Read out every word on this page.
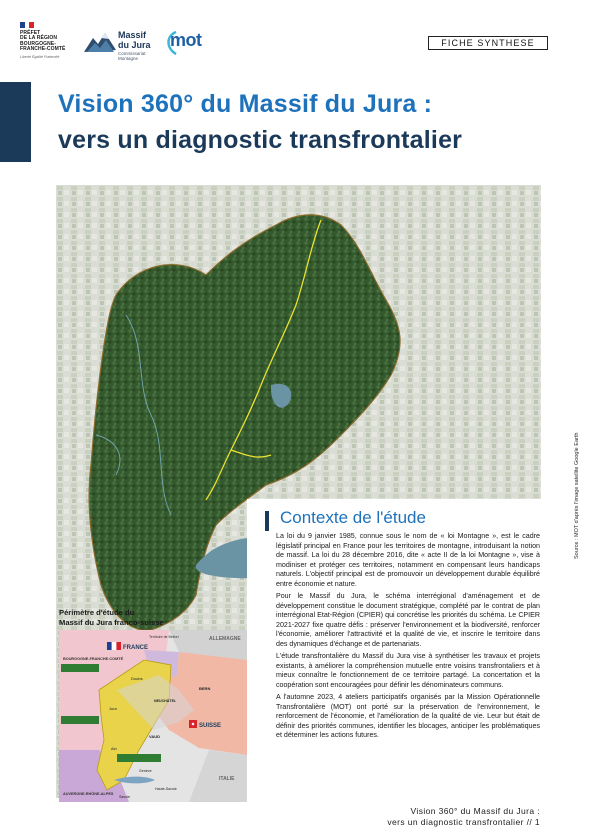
PRÉFET
DE LA RÉGION
BOURGOGNE-
FRANCHE-COMTÉ
Liberté Égalité Fraternité
Massif
du Jura
Commissariat Montagne
mot	FICHE SYNTHESE
Vision 360° du Massif du Jura :
vers un diagnostic transfrontalier
Source : MOT d'après l'image satellite Google Earth
Contexte de l'étude

La loi du 9 janvier 1985, connue sous le nom de « loi Montagne », est le cadre législatif principal en France pour les territoires de montagne, introduisant la notion de massif. La loi du 28 décembre 2016, dite « acte II de la loi Montagne », vise à modiniser et protéger ces territoires, notamment en compensant leurs handicaps naturels. L'objectif principal est de promouvoir un développement durable équilibré entre économie et nature.

Pour le Massif du Jura, le schéma interrégional d'aménagement et de développement constitue le document stratégique, complété par le contrat de plan interrégional Etat-Région (CPIER) qui concrétise les priorités du schéma. Le CPIER 2021-2027 fixe quatre défis : préserver l'environnement et la biodiversité, renforcer l'économie, améliorer l'attractivité et la qualité de vie, et inscrire le territoire dans des dynamiques d'échange et de partenariats.

L'étude transfrontalière du Massif du Jura vise à synthétiser les travaux et projets existants, à améliorer la compréhension mutuelle entre voisins transfrontaliers et à mieux connaître le fonctionnement de ce territoire partagé. La concertation et la coopération sont encouragées pour définir les dénominateurs communs.

A l'automne 2023, 4 ateliers participatifs organisés par la Mission Opérationnelle Transfrontalière (MOT) ont porté sur la préservation de l'environnement, le renforcement de l'économie, et l'amélioration de la qualité de vie. Leur but était de définir des priorités communes, identifier les blocages, anticiper les problématiques et déterminer les actions futures.

Périmètre d'étude du
Massif du Jura franco-suisse
ALLEMAGNE
FRANCE
SUISSE
ITALIE
BOURGOGNE-FRANCHE-COMTÉ
AUVERGNE-RHÔNE-ALPES
Territoire de Belfort
Jura
Doubs
Ain
VAUD
NEUCHÂTEL
BERN
Genève
Haute-Savoie
Savoie
Vision 360° du Massif du Jura :
vers un diagnostic transfrontalier // 1
